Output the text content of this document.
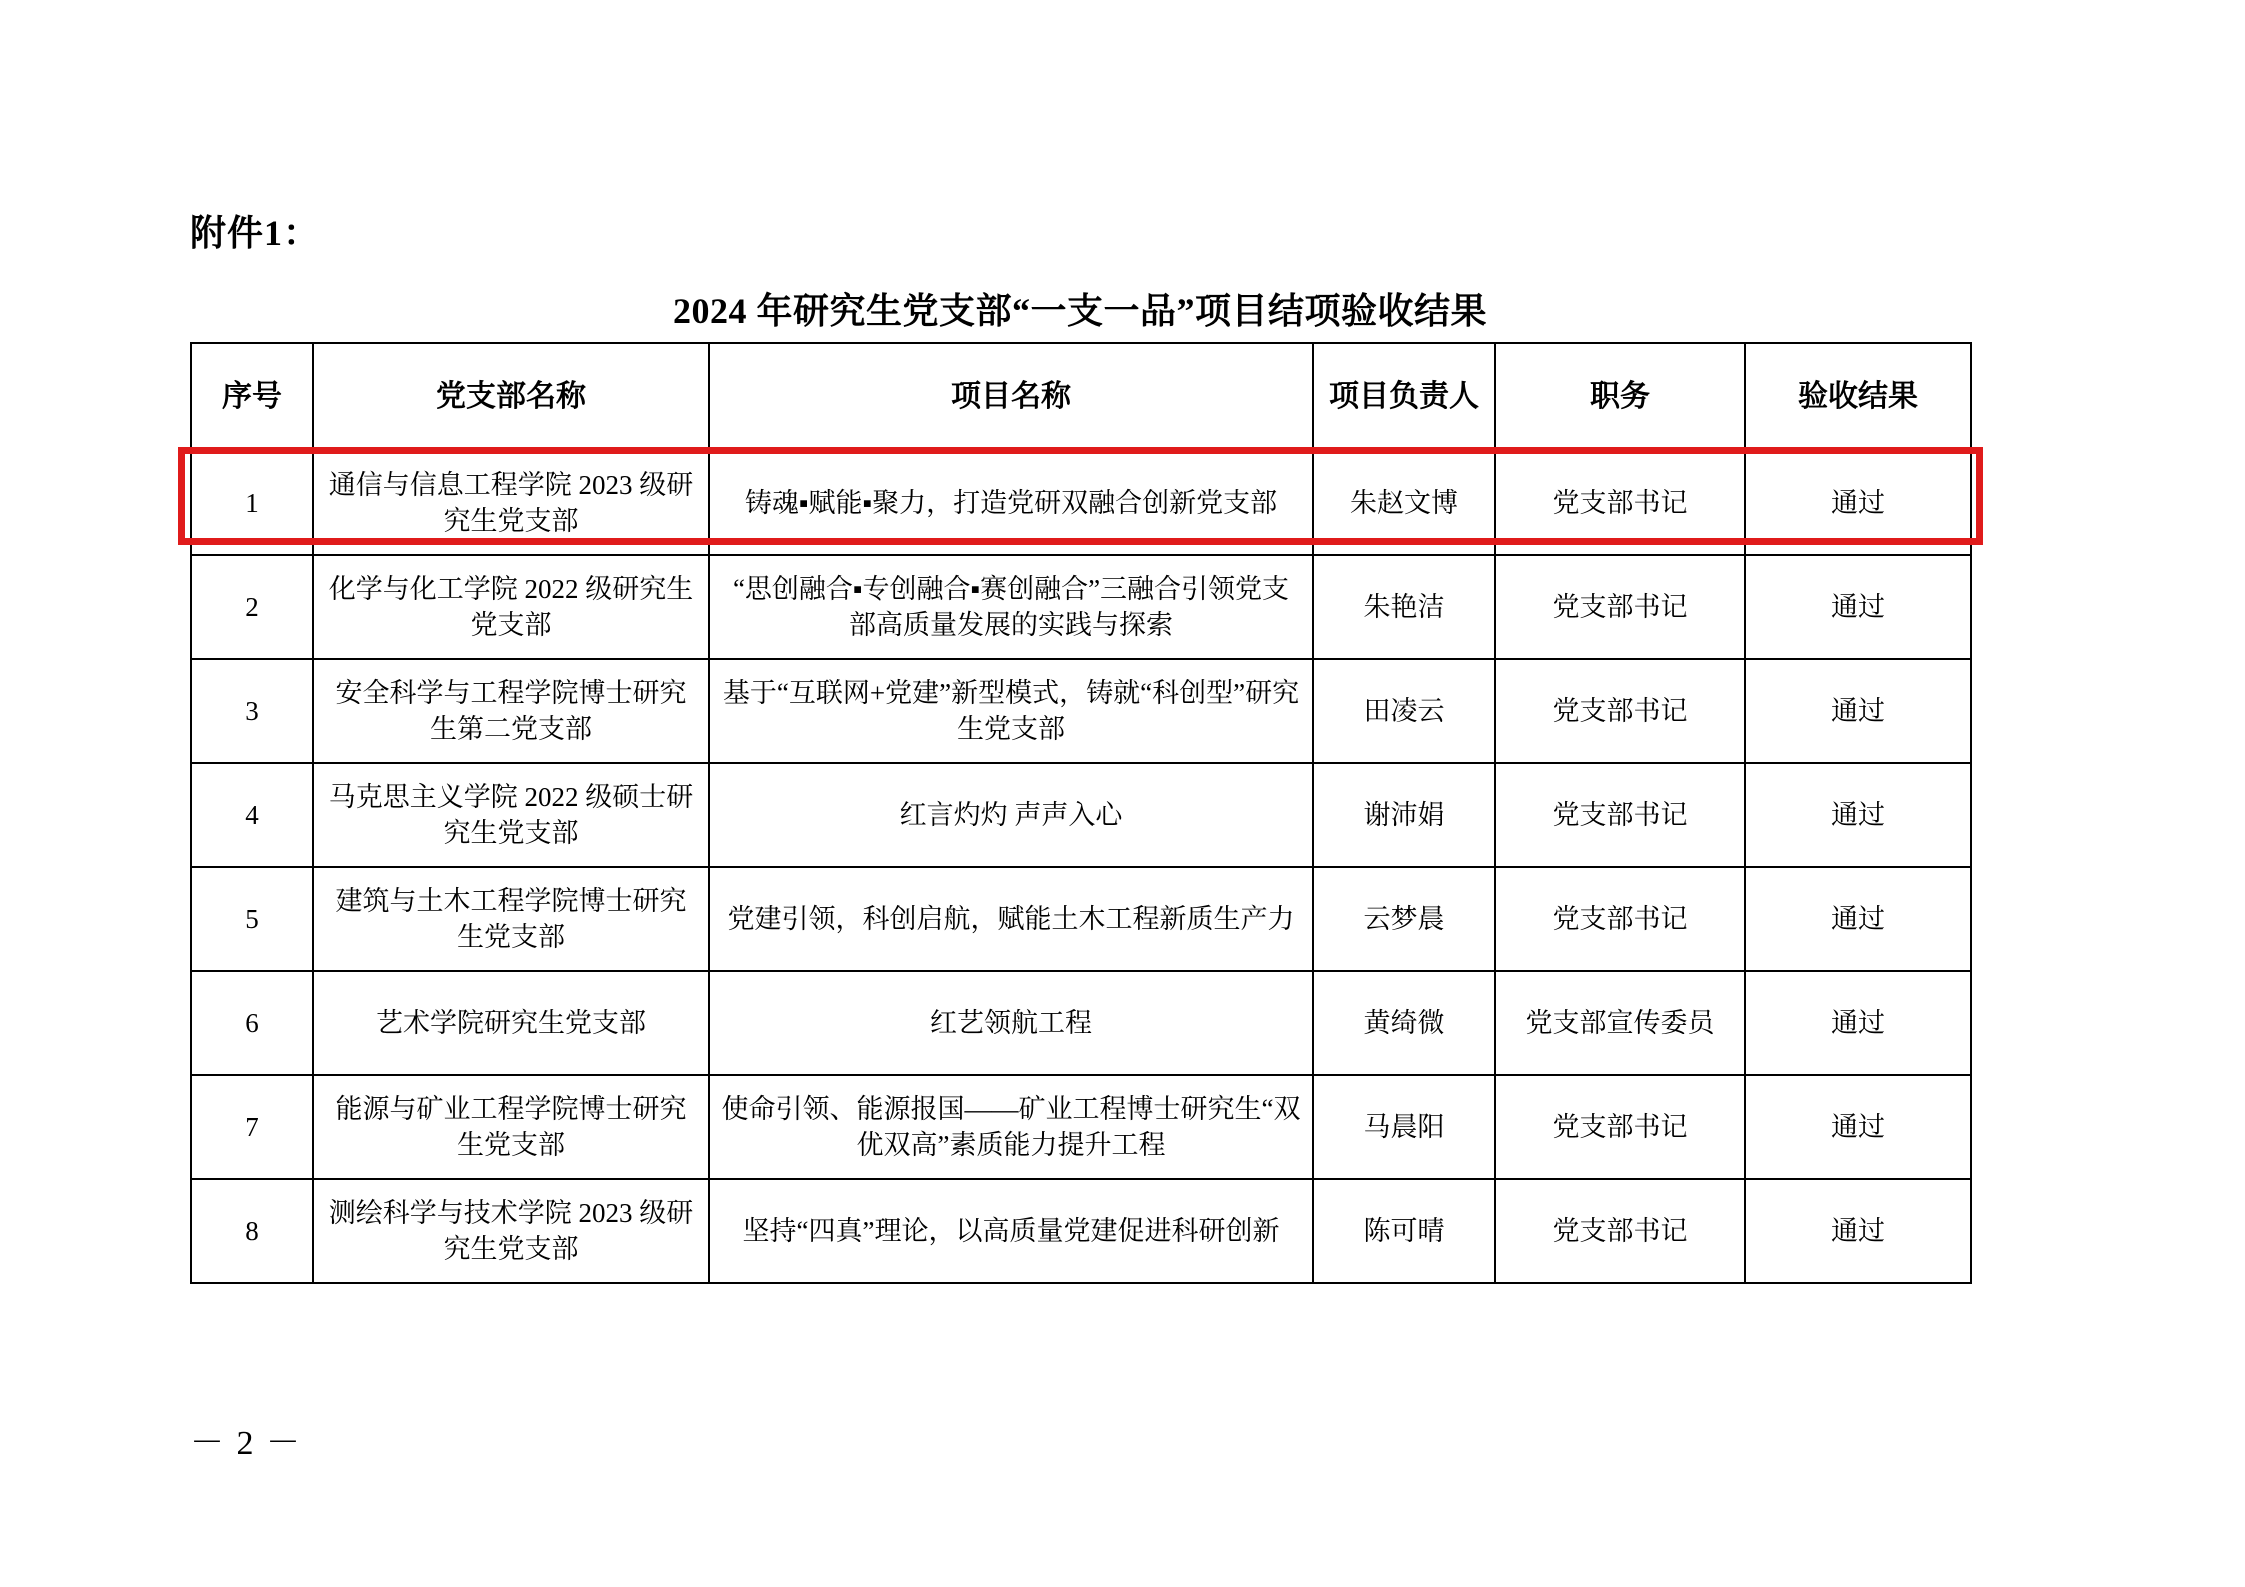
附件1：
2024 年研究生党支部“一支一品”项目结项验收结果
序号	党支部名称	项目名称	项目负责人	职务	验收结果
1	通信与信息工程学院 2023 级研究生党支部	铸魂▪赋能▪聚力，打造党研双融合创新党支部	朱赵文博	党支部书记	通过
2	化学与化工学院 2022 级研究生党支部	“思创融合▪专创融合▪赛创融合”三融合引领党支部高质量发展的实践与探索	朱艳洁	党支部书记	通过
3	安全科学与工程学院博士研究生第二党支部	基于“互联网+党建”新型模式，铸就“科创型”研究生党支部	田凌云	党支部书记	通过
4	马克思主义学院 2022 级硕士研究生党支部	红言灼灼 声声入心	谢沛娟	党支部书记	通过
5	建筑与土木工程学院博士研究生党支部	党建引领，科创启航，赋能土木工程新质生产力	云梦晨	党支部书记	通过
6	艺术学院研究生党支部	红艺领航工程	黄绮微	党支部宣传委员	通过
7	能源与矿业工程学院博士研究生党支部	使命引领、能源报国——矿业工程博士研究生“双优双高”素质能力提升工程	马晨阳	党支部书记	通过
8	测绘科学与技术学院 2023 级研究生党支部	坚持“四真”理论，以高质量党建促进科研创新	陈可晴	党支部书记	通过
－ 2 －
